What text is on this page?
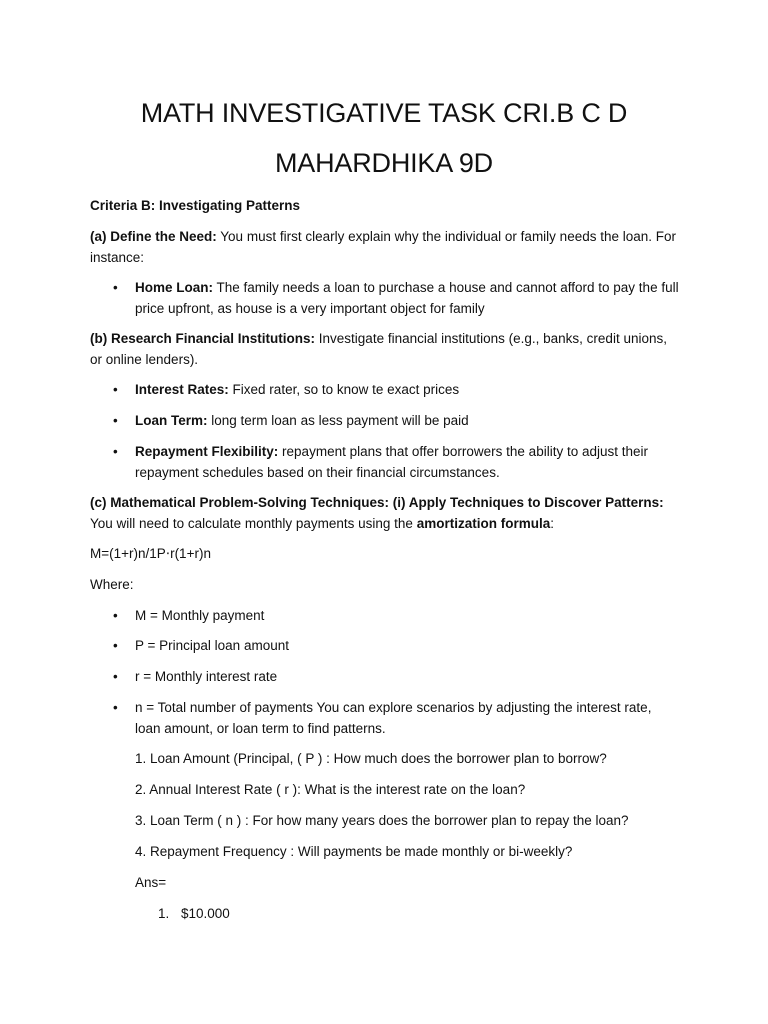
MATH INVESTIGATIVE TASK CRI.B C D
MAHARDHIKA 9D

Criteria B: Investigating Patterns

(a) Define the Need: You must first clearly explain why the individual or family needs the loan. For instance:

• Home Loan: The family needs a loan to purchase a house and cannot afford to pay the full price upfront, as house is a very important object for family

(b) Research Financial Institutions: Investigate financial institutions (e.g., banks, credit unions, or online lenders).

• Interest Rates: Fixed rater, so to know te exact prices

• Loan Term: long term loan as less payment will be paid

• Repayment Flexibility: repayment plans that offer borrowers the ability to adjust their repayment schedules based on their financial circumstances.

(c) Mathematical Problem-Solving Techniques: (i) Apply Techniques to Discover Patterns: You will need to calculate monthly payments using the amortization formula:

M=(1+r)n/1P⋅r(1+r)n

Where:

• M = Monthly payment

• P = Principal loan amount

• r = Monthly interest rate

• n = Total number of payments You can explore scenarios by adjusting the interest rate, loan amount, or loan term to find patterns.

1. Loan Amount (Principal, ( P ) : How much does the borrower plan to borrow?

2. Annual Interest Rate ( r ): What is the interest rate on the loan?

3. Loan Term ( n ) : For how many years does the borrower plan to repay the loan?

4. Repayment Frequency : Will payments be made monthly or bi-weekly?

Ans=

1. $10.000
